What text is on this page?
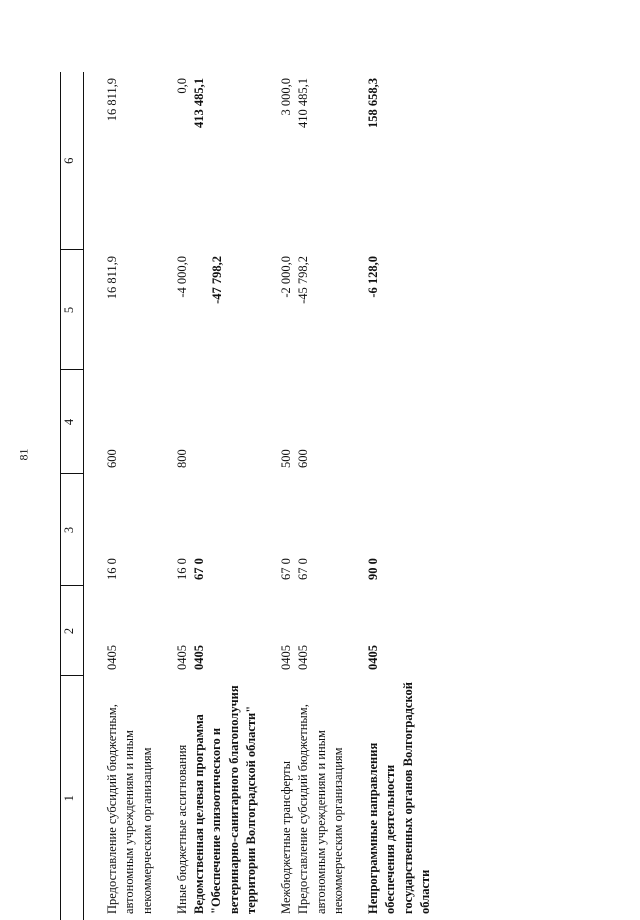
81
1	2	3	4	5	6
Предоставление субсидий бюджетным, автономным учреждениям и иным некоммерческим организациям	0405	16 0	600	16 811,9	16 811,9

Иные бюджетные ассигнования	0405	16 0	800	-4 000,0	0,0
Ведомственная целевая программа "Обеспечение эпизоотического и ветеринарно-санитарного благополучия территории Волгоградской области"	0405	67 0		-47 798,2	413 485,1

Межбюджетные трансферты	0405	67 0	500	-2 000,0	3 000,0
Предоставление субсидий бюджетным, автономным учреждениям и иным некоммерческим организациям	0405	67 0	600	-45 798,2	410 485,1

Непрограммные направления обеспечения деятельности государственных органов Волгоградской области	0405	90 0		-6 128,0	158 658,3
